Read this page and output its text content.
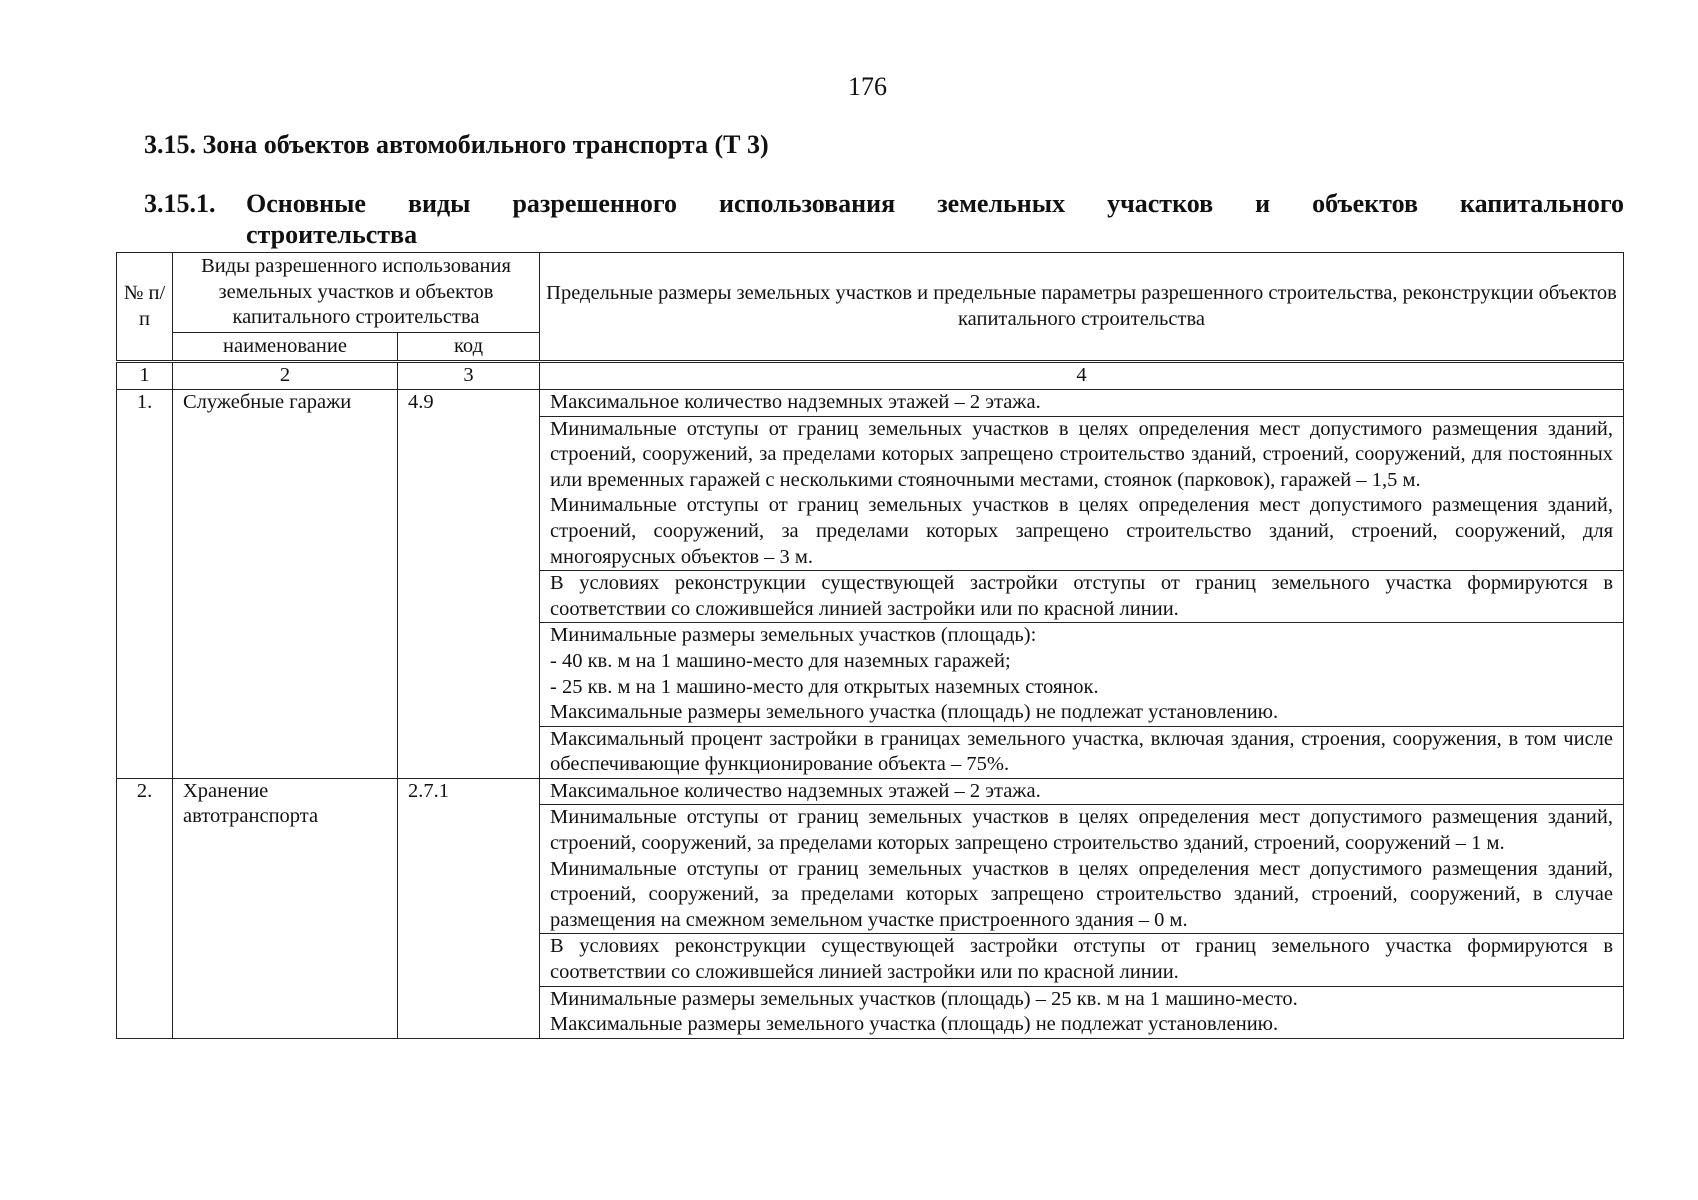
176
3.15. Зона объектов автомобильного транспорта (Т 3)
3.15.1. Основные виды разрешенного использования земельных участков и объектов капитального
строительства
№ п/п	Виды разрешенного использования земельных участков и объектов капитального строительства		Предельные размеры земельных участков и предельные параметры разрешенного строительства, реконструкции объектов капитального строительства
	наименование	код	
1	2	3	4
1.	Служебные гаражи	4.9	Максимальное количество надземных этажей – 2 этажа.

			Минимальные отступы от границ земельных участков в целях определения мест допустимого размещения зданий, строений, сооружений, за пределами которых запрещено строительство зданий, строений, сооружений, для постоянных или временных гаражей с несколькими стояночными местами, стоянок (парковок), гаражей – 1,5 м.
Минимальные отступы от границ земельных участков в целях определения мест допустимого размещения зданий, строений, сооружений, за пределами которых запрещено строительство зданий, строений, сооружений, для многоярусных объектов – 3 м.

			В условиях реконструкции существующей застройки отступы от границ земельного участка формируются в соответствии со сложившейся линией застройки или по красной линии.

			Минимальные размеры земельных участков (площадь):
- 40 кв. м на 1 машино-место для наземных гаражей;
- 25 кв. м на 1 машино-место для открытых наземных стоянок.
Максимальные размеры земельного участка (площадь) не подлежат установлению.

			Максимальный процент застройки в границах земельного участка, включая здания, строения, сооружения, в том числе обеспечивающие функционирование объекта – 75%.
2.	Хранение автотранспорта	2.7.1	Максимальное количество надземных этажей – 2 этажа.

			Минимальные отступы от границ земельных участков в целях определения мест допустимого размещения зданий, строений, сооружений, за пределами которых запрещено строительство зданий, строений, сооружений – 1 м.
Минимальные отступы от границ земельных участков в целях определения мест допустимого размещения зданий, строений, сооружений, за пределами которых запрещено строительство зданий, строений, сооружений, в случае размещения на смежном земельном участке пристроенного здания – 0 м.

			В условиях реконструкции существующей застройки отступы от границ земельного участка формируются в соответствии со сложившейся линией застройки или по красной линии.

			Минимальные размеры земельных участков (площадь) – 25 кв. м на 1 машино-место.
Максимальные размеры земельного участка (площадь) не подлежат установлению.
